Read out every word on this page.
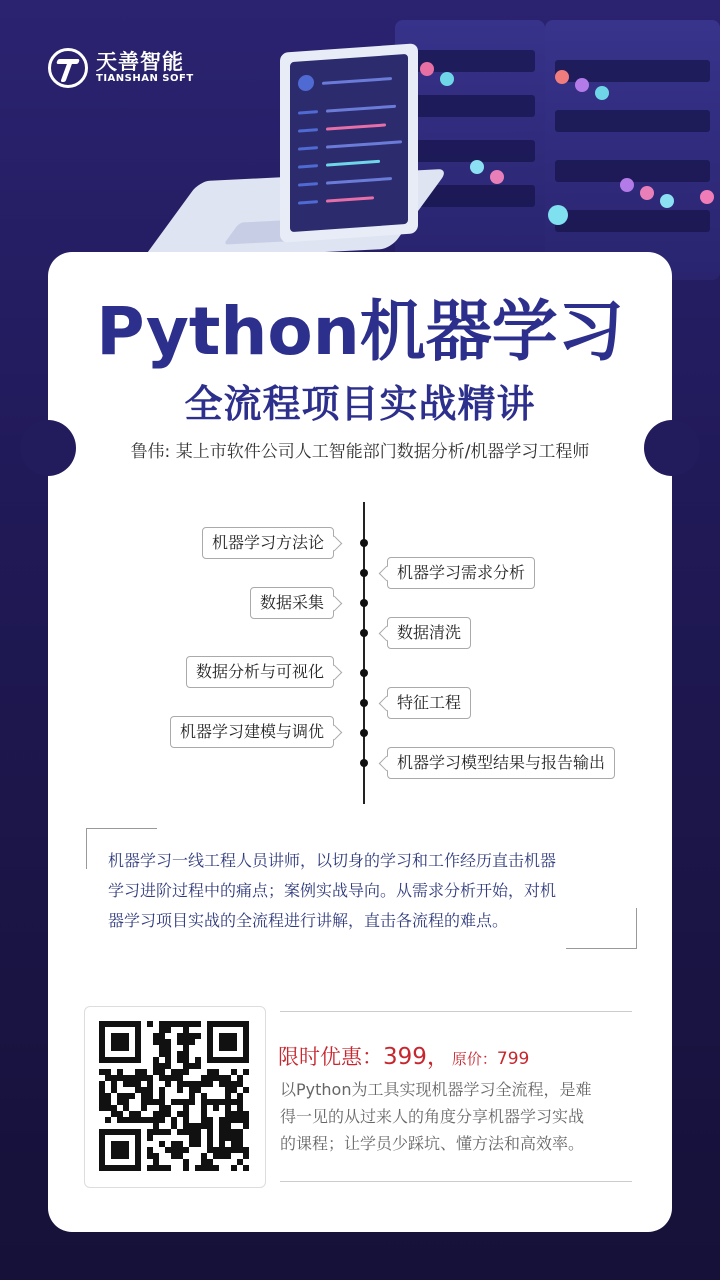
天善智能
TIANSHAN SOFT
Python机器学习
全流程项目实战精讲
鲁伟: 某上市软件公司人工智能部门数据分析/机器学习工程师
机器学习方法论
机器学习需求分析
数据采集
数据清洗
数据分析与可视化
特征工程
机器学习建模与调优
机器学习模型结果与报告输出
机器学习一线工程人员讲师，以切身的学习和工作经历直击机器
学习进阶过程中的痛点；案例实战导向。从需求分析开始，对机
器学习项目实战的全流程进行讲解，直击各流程的难点。
限时优惠：399， 原价：799
以Python为工具实现机器学习全流程，是难
得一见的从过来人的角度分享机器学习实战
的课程；让学员少踩坑、懂方法和高效率。
